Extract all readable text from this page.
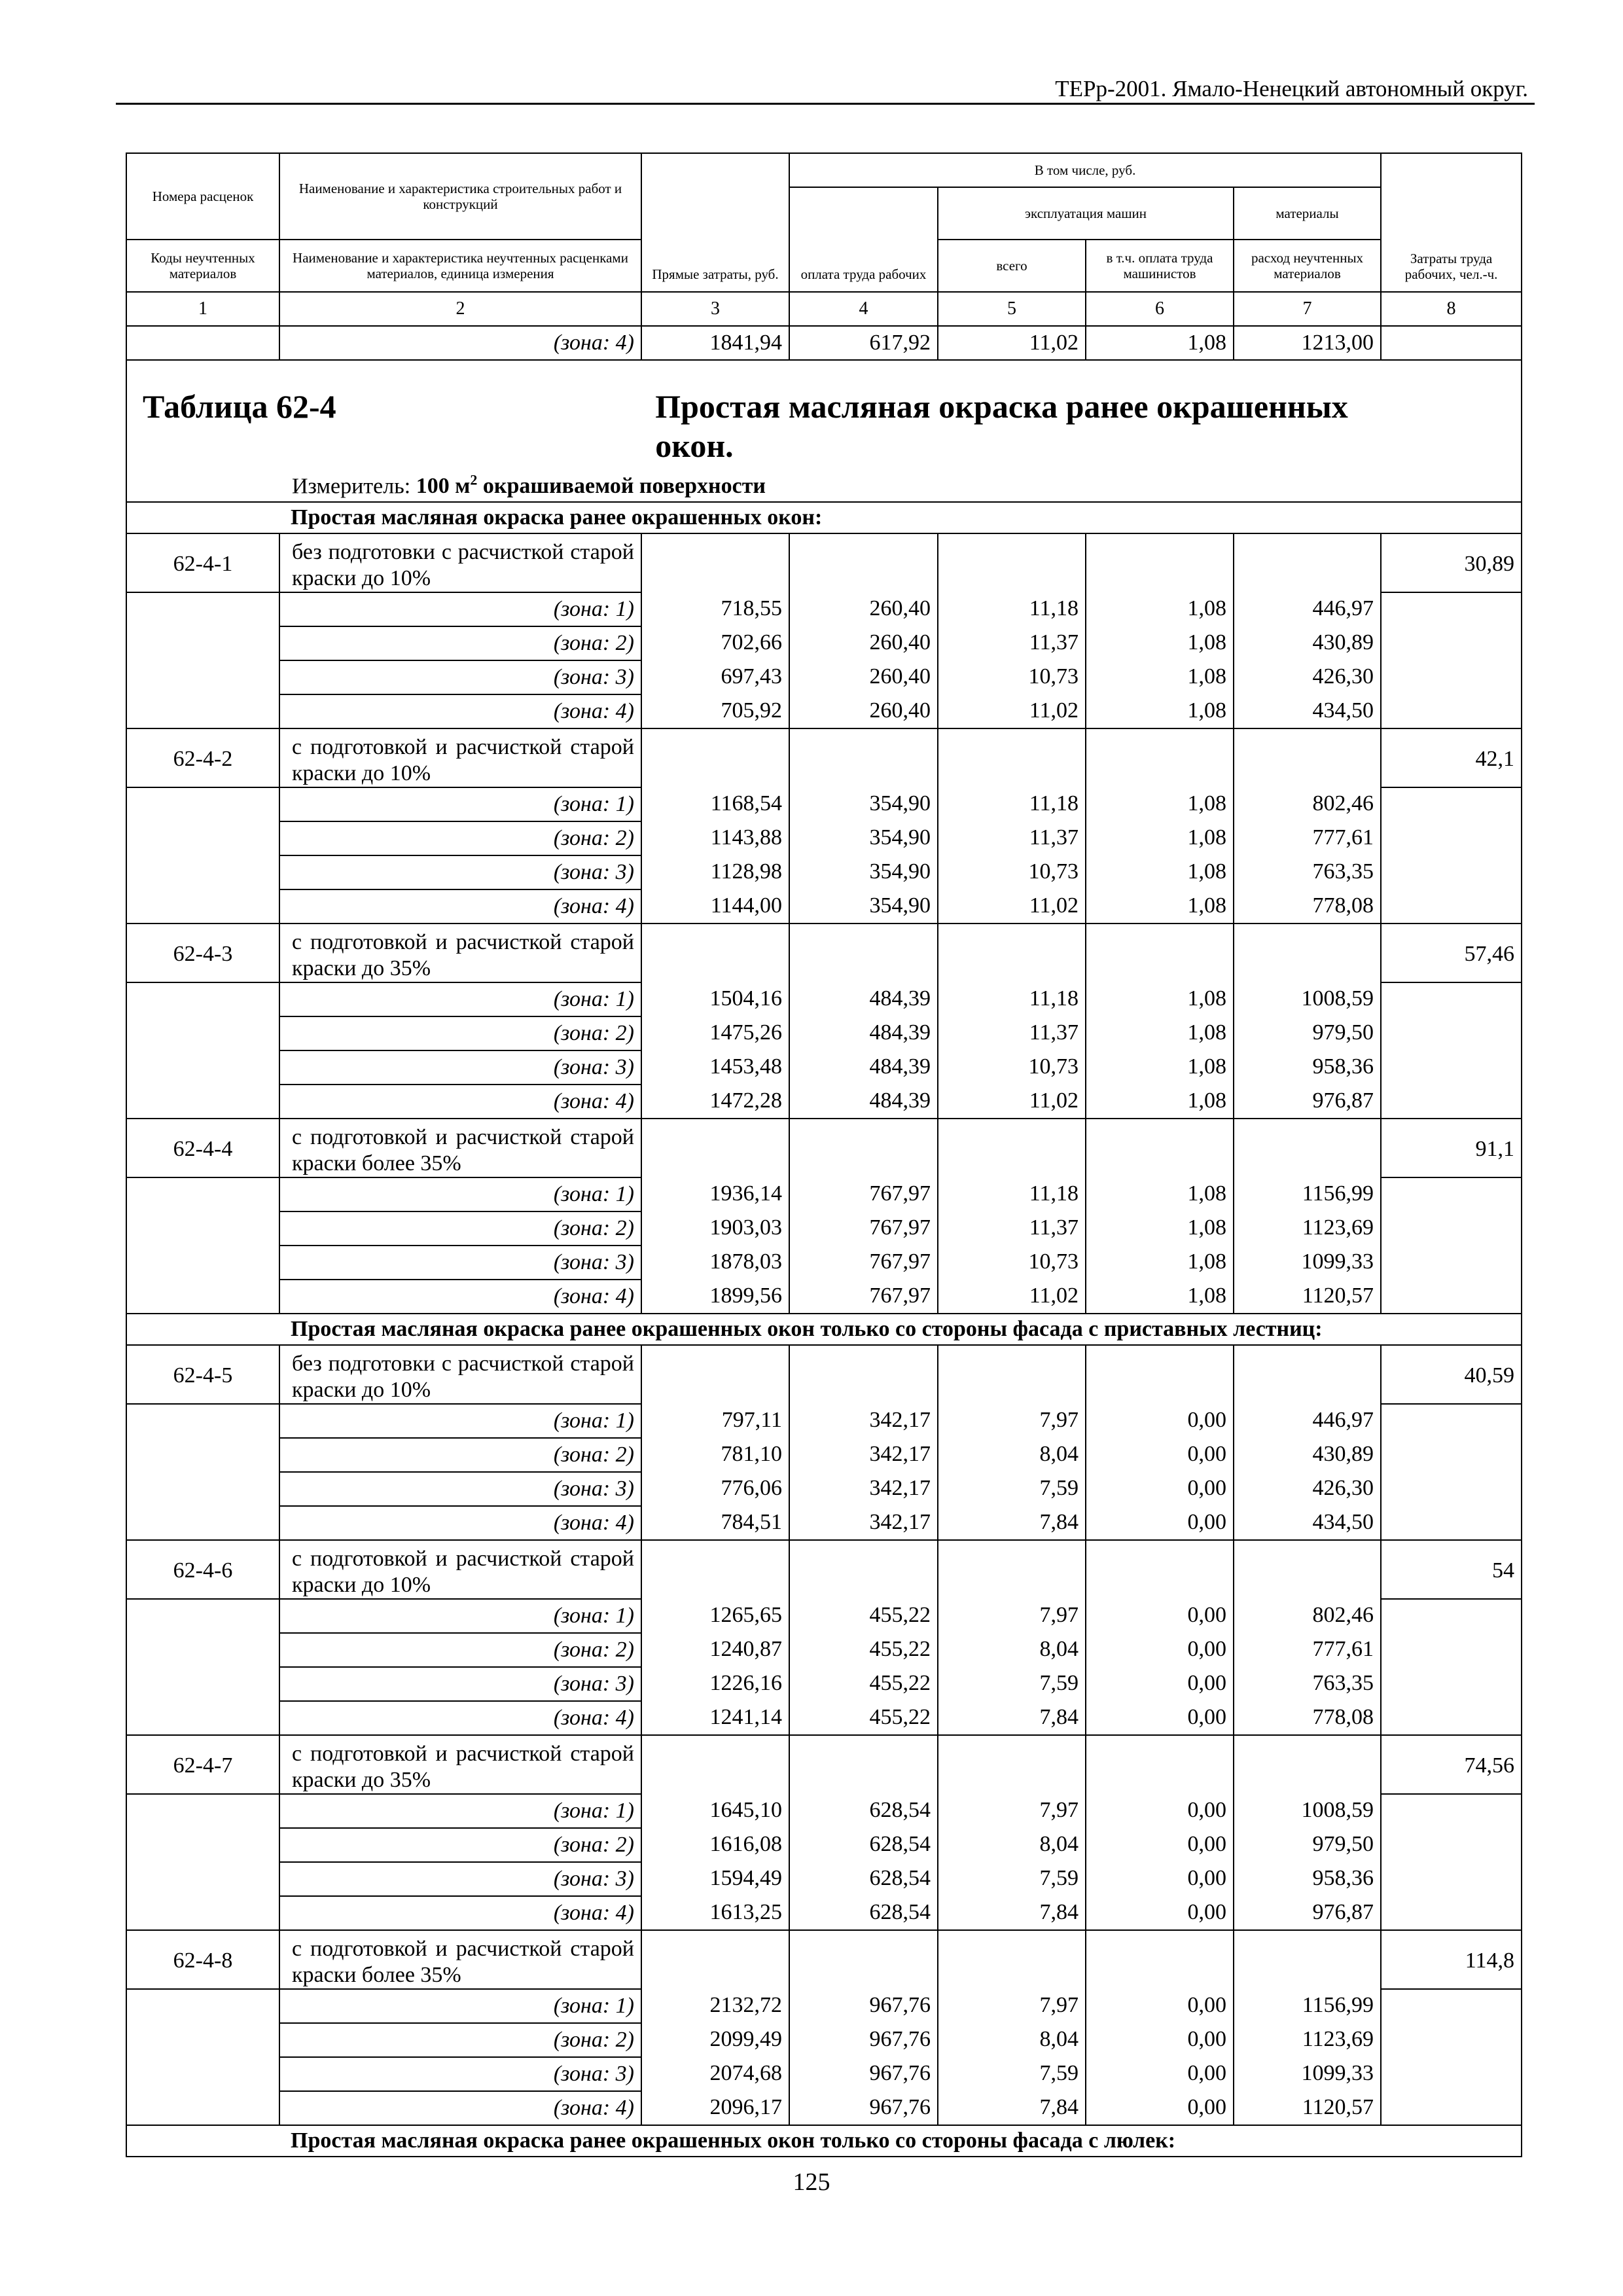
ТЕРр-2001. Ямало-Ненецкий автономный округ.
Номера расценок	Наименование и характеристика строительных работ и конструкций	Прямые затраты, руб.	В том числе, руб.				Затраты труда рабочих, чел.-ч.
			оплата труда рабочих	эксплуатация машин		материалы	
Коды неучтенных материалов	Наименование и характеристика неучтенных расценками материалов, единица измерения			всего	в т.ч. оплата труда машинистов	расход неучтенных материалов	

1	2	3	4	5	6	7	8
	(зона: 4)	1841,94	617,92	11,02	1,08	1213,00	

Таблица 62-4 Простая масляная окраска ранее окрашенных окон.
Измеритель: 100 $м^2$ окрашиваемой поверхности							

Простая масляная окраска ранее окрашенных окон:							
62-4-1	без подготовки с расчисткой старой краски до 10%						30,89
	(зона: 1)	718,55	260,40	11,18	1,08	446,97	
	(зона: 2)	702,66	260,40	11,37	1,08	430,89	
	(зона: 3)	697,43	260,40	10,73	1,08	426,30	
	(зона: 4)	705,92	260,40	11,02	1,08	434,50	
62-4-2	с подготовкой и расчисткой старой краски до 10%						42,1
	(зона: 1)	1168,54	354,90	11,18	1,08	802,46	
	(зона: 2)	1143,88	354,90	11,37	1,08	777,61	
	(зона: 3)	1128,98	354,90	10,73	1,08	763,35	
	(зона: 4)	1144,00	354,90	11,02	1,08	778,08	
62-4-3	с подготовкой и расчисткой старой краски до 35%						57,46
	(зона: 1)	1504,16	484,39	11,18	1,08	1008,59	
	(зона: 2)	1475,26	484,39	11,37	1,08	979,50	
	(зона: 3)	1453,48	484,39	10,73	1,08	958,36	
	(зона: 4)	1472,28	484,39	11,02	1,08	976,87	
62-4-4	с подготовкой и расчисткой старой краски более 35%						91,1
	(зона: 1)	1936,14	767,97	11,18	1,08	1156,99	
	(зона: 2)	1903,03	767,97	11,37	1,08	1123,69	
	(зона: 3)	1878,03	767,97	10,73	1,08	1099,33	
	(зона: 4)	1899,56	767,97	11,02	1,08	1120,57	
Простая масляная окраска ранее окрашенных окон только со стороны фасада с приставных лестниц:							
62-4-5	без подготовки с расчисткой старой краски до 10%						40,59
	(зона: 1)	797,11	342,17	7,97	0,00	446,97	
	(зона: 2)	781,10	342,17	8,04	0,00	430,89	
	(зона: 3)	776,06	342,17	7,59	0,00	426,30	
	(зона: 4)	784,51	342,17	7,84	0,00	434,50	
62-4-6	с подготовкой и расчисткой старой краски до 10%						54
	(зона: 1)	1265,65	455,22	7,97	0,00	802,46	
	(зона: 2)	1240,87	455,22	8,04	0,00	777,61	
	(зона: 3)	1226,16	455,22	7,59	0,00	763,35	
	(зона: 4)	1241,14	455,22	7,84	0,00	778,08	
62-4-7	с подготовкой и расчисткой старой краски до 35%						74,56
	(зона: 1)	1645,10	628,54	7,97	0,00	1008,59	
	(зона: 2)	1616,08	628,54	8,04	0,00	979,50	
	(зона: 3)	1594,49	628,54	7,59	0,00	958,36	
	(зона: 4)	1613,25	628,54	7,84	0,00	976,87	
62-4-8	с подготовкой и расчисткой старой краски более 35%						114,8
	(зона: 1)	2132,72	967,76	7,97	0,00	1156,99	
	(зона: 2)	2099,49	967,76	8,04	0,00	1123,69	
	(зона: 3)	2074,68	967,76	7,59	0,00	1099,33	
	(зона: 4)	2096,17	967,76	7,84	0,00	1120,57	
Простая масляная окраска ранее окрашенных окон только со стороны фасада с люлек:							
125
